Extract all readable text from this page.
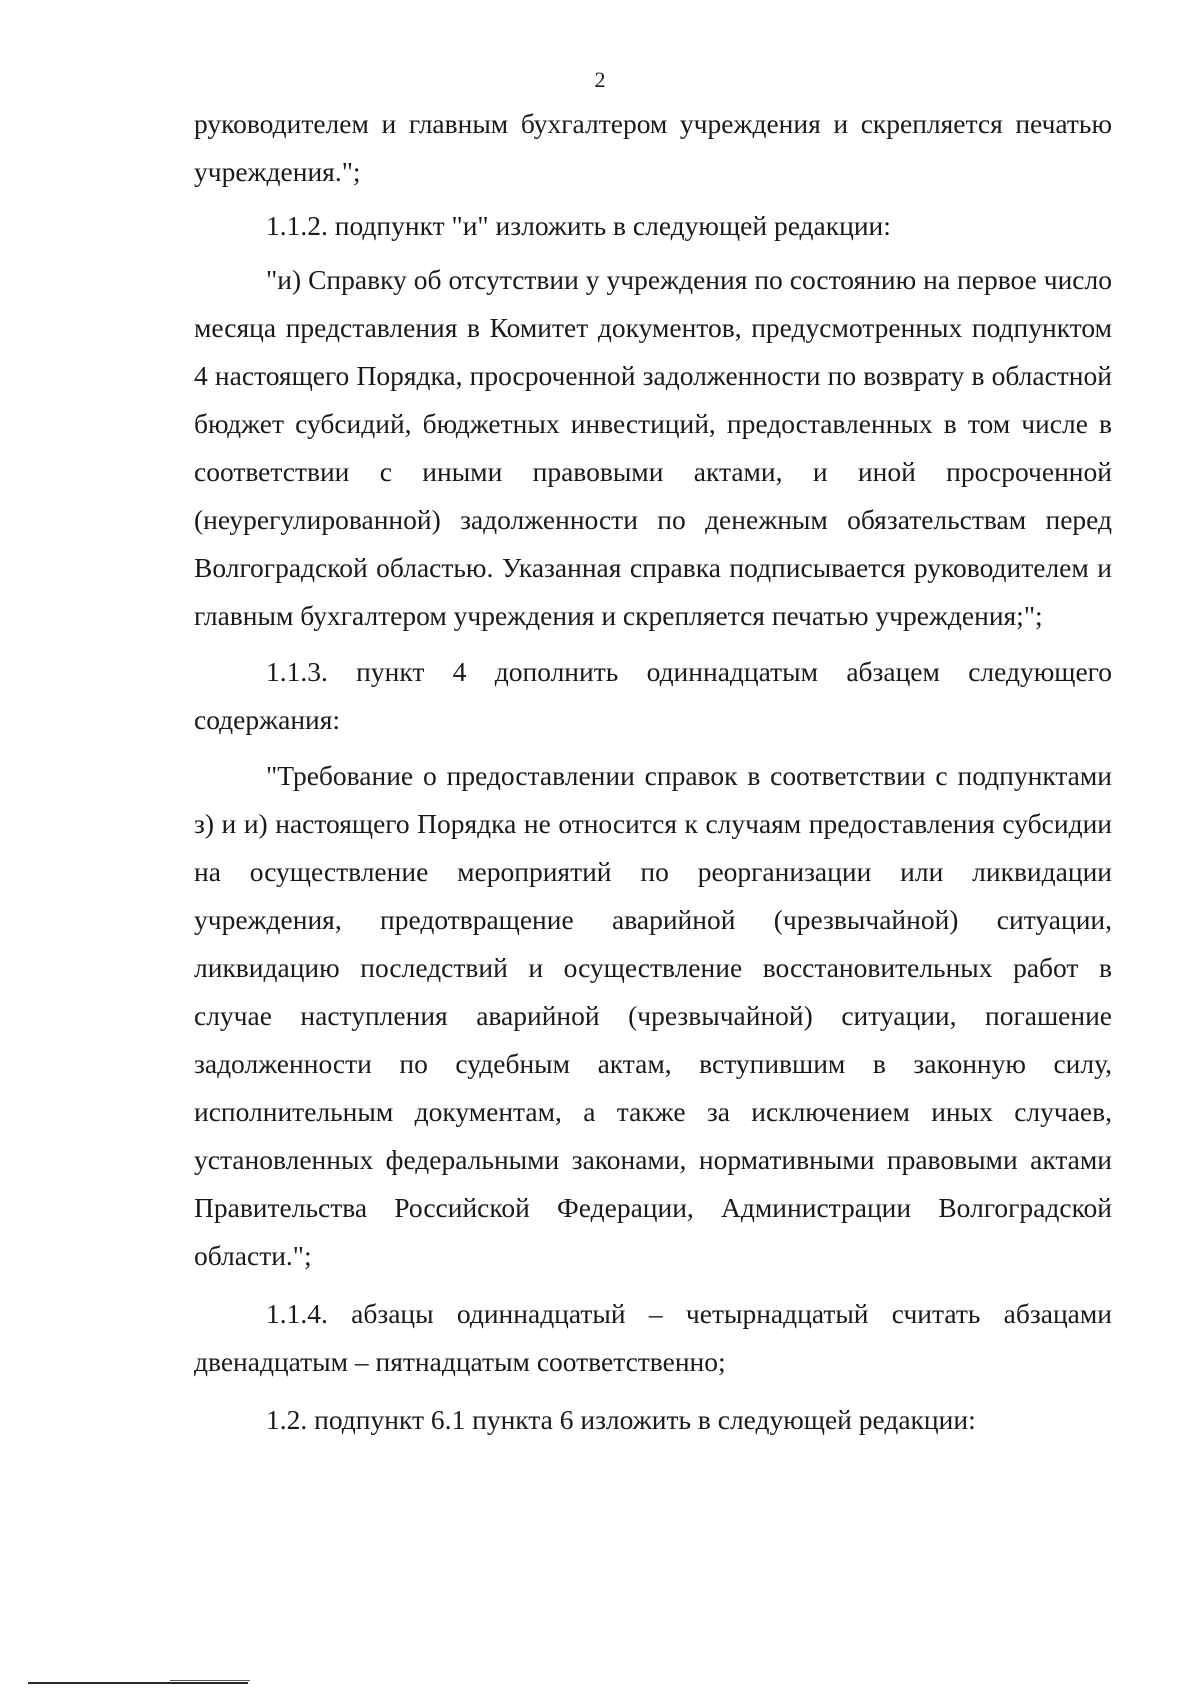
2

руководителем и главным бухгалтером учреждения и скрепляется печатью учреждения.";

1.1.2. подпункт "и" изложить в следующей редакции:

"и) Справку об отсутствии у учреждения по состоянию на первое число месяца представления в Комитет документов, предусмотренных подпунктом 4 настоящего Порядка, просроченной задолженности по возврату в областной бюджет субсидий, бюджетных инвестиций, предоставленных в том числе в соответствии с иными правовыми актами, и иной просроченной (неурегулированной) задолженности по денежным обязательствам перед Волгоградской областью. Указанная справка подписывается руководителем и главным бухгалтером учреждения и скрепляется печатью учреждения;";

1.1.3. пункт 4 дополнить одиннадцатым абзацем следующего содержания:

"Требование о предоставлении справок в соответствии с подпунктами з) и и) настоящего Порядка не относится к случаям предоставления субсидии на осуществление мероприятий по реорганизации или ликвидации учреждения, предотвращение аварийной (чрезвычайной) ситуации, ликвидацию последствий и осуществление восстановительных работ в случае наступления аварийной (чрезвычайной) ситуации, погашение задолженности по судебным актам, вступившим в законную силу, исполнительным документам, а также за исключением иных случаев, установленных федеральными законами, нормативными правовыми актами Правительства Российской Федерации, Администрации Волгоградской области.";

1.1.4. абзацы одиннадцатый – четырнадцатый считать абзацами двенадцатым – пятнадцатым соответственно;

1.2. подпункт 6.1 пункта 6 изложить в следующей редакции:
